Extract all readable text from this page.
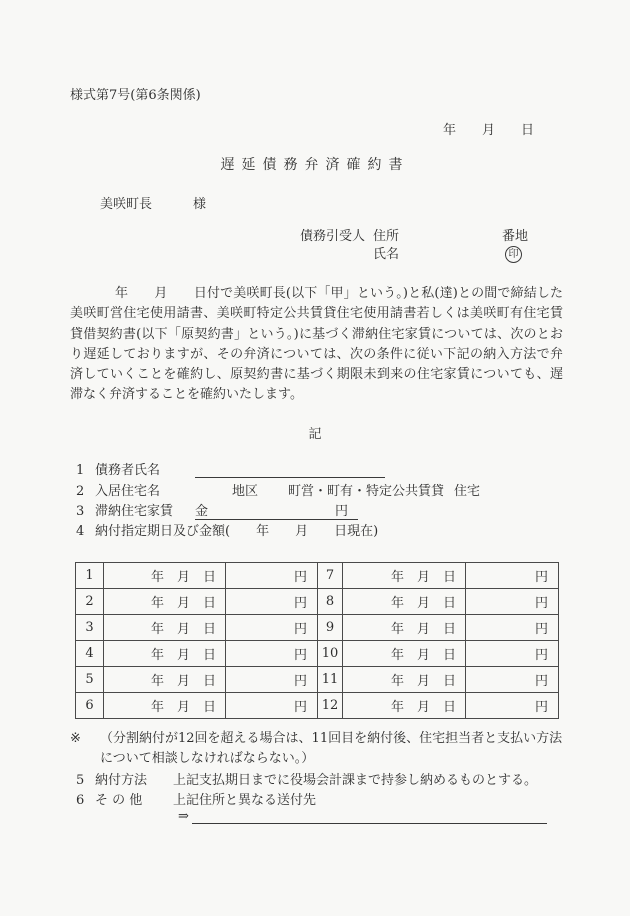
様式第7号(第6条関係)
年　　月　　日
遅延債務弁済確約書
美咲町長	様
債務引受人 住所	番地
氏名	印

年　　月　　日付で美咲町長(以下「甲」という。)と私(達)との間で締結した美咲町営住宅使用請書、美咲町特定公共賃貸住宅使用請書若しくは美咲町有住宅賃貸借契約書(以下「原契約書」という。)に基づく滞納住宅家賃については、次のとおり遅延しておりますが、その弁済については、次の条件に従い下記の納入方法で弁済していくことを確約し、原契約書に基づく期限未到来の住宅家賃についても、遅滞なく弁済することを確約いたします。

記
1 債務者氏名
2 入居住宅名	地区 町営・町有・特定公共賃貸 住宅
3 滞納住宅家賃	金	円
4 納付指定期日及び金額(　　年　　月　　日現在)
1	年　月　日	円	7	年　月　日	円
2	年　月　日	円	8	年　月　日	円
3	年　月　日	円	9	年　月　日	円
4	年　月　日	円	10	年　月　日	円
5	年　月　日	円	11	年　月　日	円
6	年　月　日	円	12	年　月　日	円
※	（分割納付が12回を超える場合は、11回目を納付後、住宅担当者と支払い方法について相談しなければならない。）
5 納付方法	上記支払期日までに役場会計課まで持参し納めるものとする。
6 そ の 他	上記住所と異なる送付先
⇒
